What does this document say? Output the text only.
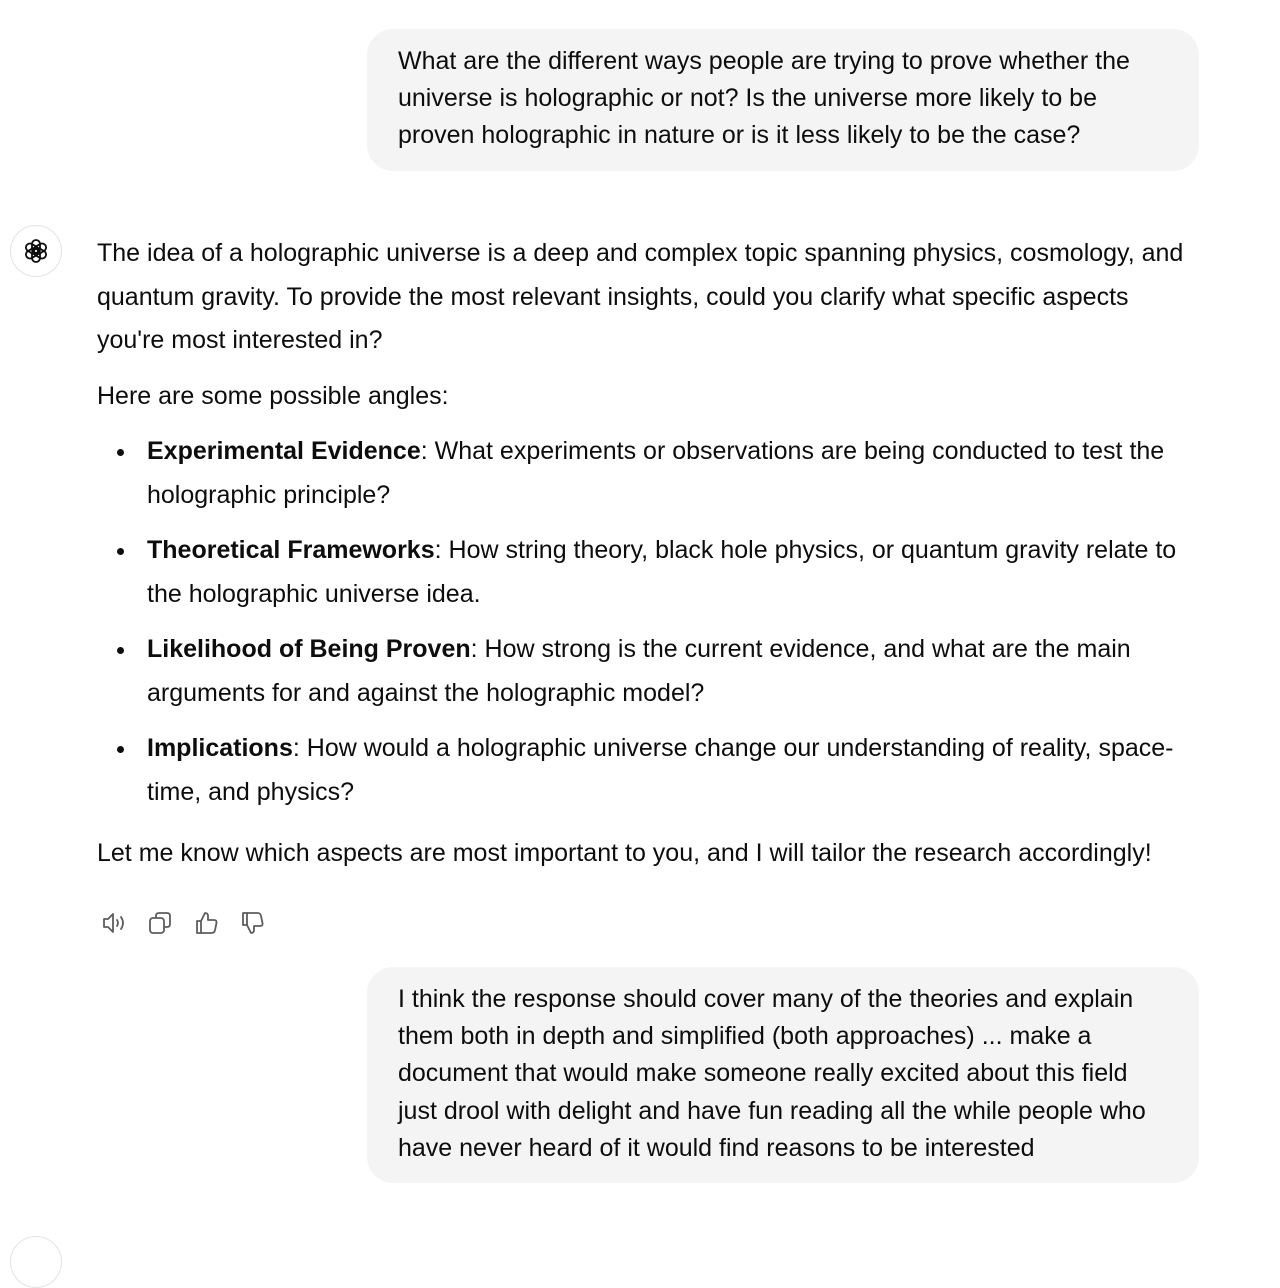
What are the different ways people are trying to prove whether the
universe is holographic or not? Is the universe more likely to be
proven holographic in nature or is it less likely to be the case?

The idea of a holographic universe is a deep and complex topic spanning physics, cosmology, and
quantum gravity. To provide the most relevant insights, could you clarify what specific aspects
you're most interested in?

Here are some possible angles:

Experimental Evidence: What experiments or observations are being conducted to test the
holographic principle?
Theoretical Frameworks: How string theory, black hole physics, or quantum gravity relate to
the holographic universe idea.
Likelihood of Being Proven: How strong is the current evidence, and what are the main
arguments for and against the holographic model?
Implications: How would a holographic universe change our understanding of reality, space-
time, and physics?

Let me know which aspects are most important to you, and I will tailor the research accordingly!

I think the response should cover many of the theories and explain
them both in depth and simplified (both approaches) ... make a
document that would make someone really excited about this field
just drool with delight and have fun reading all the while people who
have never heard of it would find reasons to be interested
